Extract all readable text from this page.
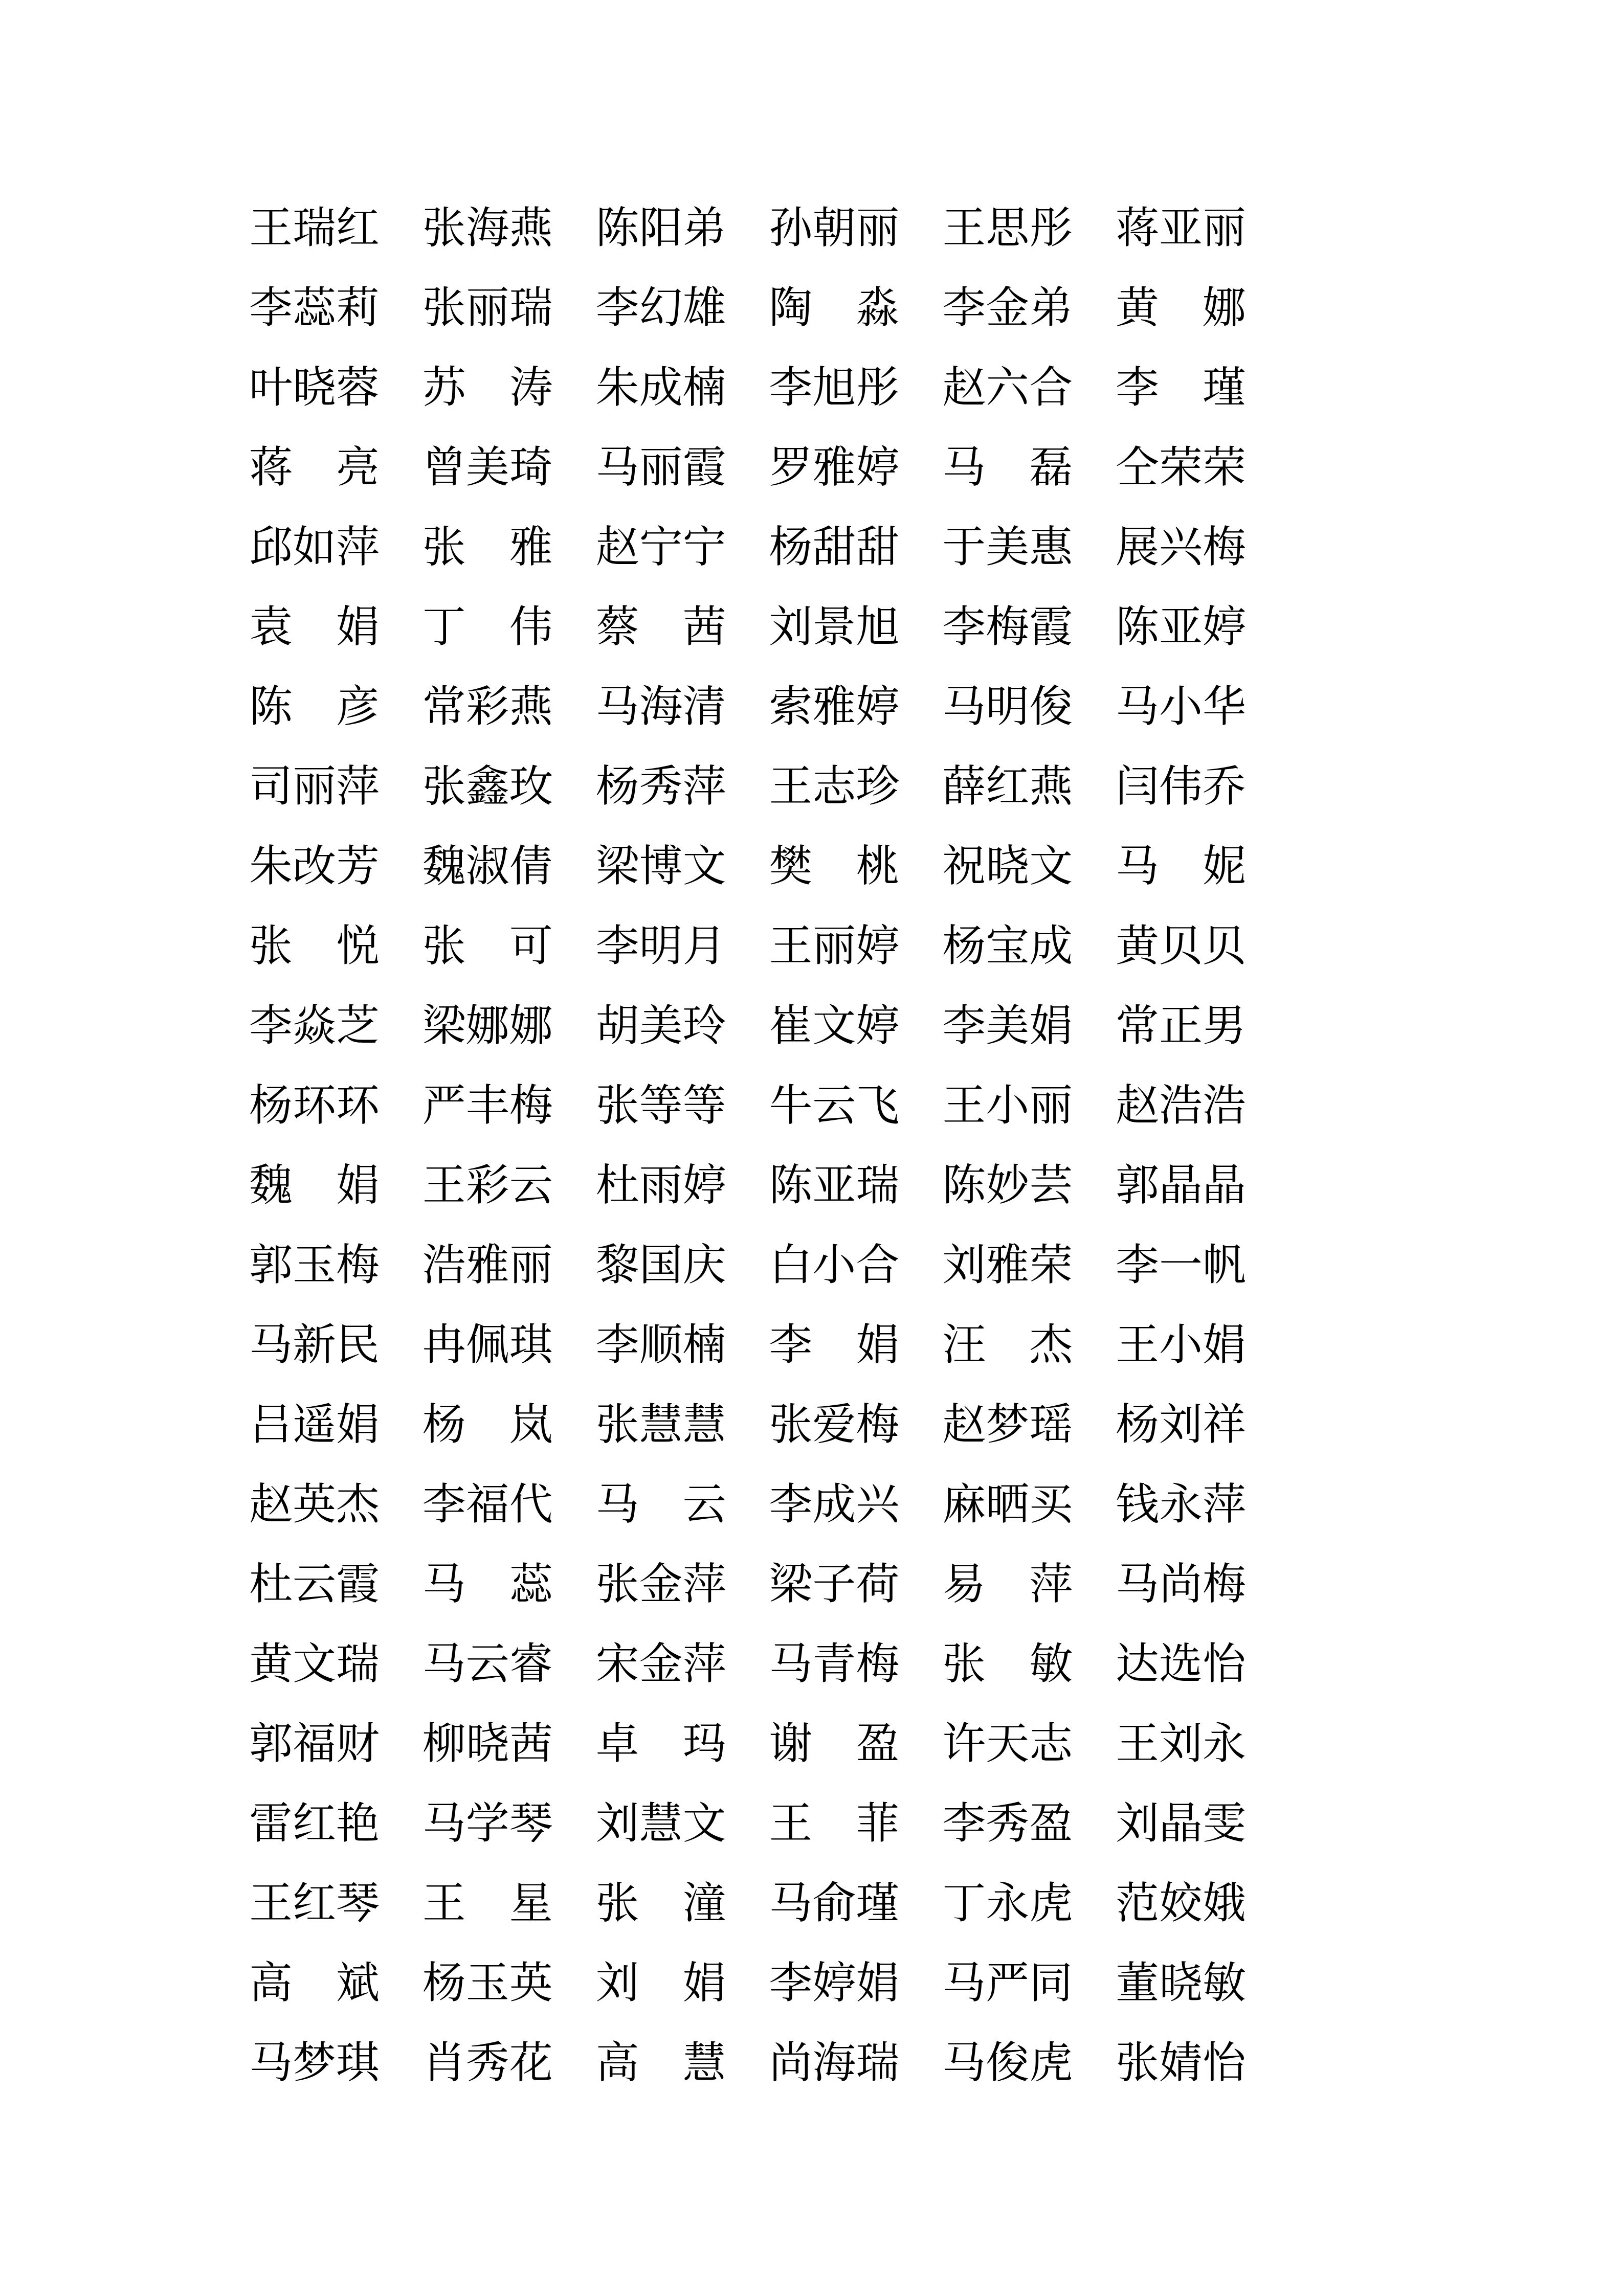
王瑞红 张海燕 陈阳弟 孙朝丽 王思彤 蒋亚丽
李蕊莉 张丽瑞 李幻雄 陶　淼 李金弟 黄　娜
叶晓蓉 苏　涛 朱成楠 李旭彤 赵六合 李　瑾
蒋　亮 曾美琦 马丽霞 罗雅婷 马　磊 仝荣荣
邱如萍 张　雅 赵宁宁 杨甜甜 于美惠 展兴梅
袁　娟 丁　伟 蔡　茜 刘景旭 李梅霞 陈亚婷
陈　彦 常彩燕 马海清 索雅婷 马明俊 马小华
司丽萍 张鑫玫 杨秀萍 王志珍 薛红燕 闫伟乔
朱改芳 魏淑倩 梁博文 樊　桃 祝晓文 马　妮
张　悦 张　可 李明月 王丽婷 杨宝成 黄贝贝
李焱芝 梁娜娜 胡美玲 崔文婷 李美娟 常正男
杨环环 严丰梅 张等等 牛云飞 王小丽 赵浩浩
魏　娟 王彩云 杜雨婷 陈亚瑞 陈妙芸 郭晶晶
郭玉梅 浩雅丽 黎国庆 白小合 刘雅荣 李一帆
马新民 冉佩琪 李顺楠 李　娟 汪　杰 王小娟
吕遥娟 杨　岚 张慧慧 张爱梅 赵梦瑶 杨刘祥
赵英杰 李福代 马　云 李成兴 麻晒买 钱永萍
杜云霞 马　蕊 张金萍 梁子荷 易　萍 马尚梅
黄文瑞 马云睿 宋金萍 马青梅 张　敏 达选怡
郭福财 柳晓茜 卓　玛 谢　盈 许天志 王刘永
雷红艳 马学琴 刘慧文 王　菲 李秀盈 刘晶雯
王红琴 王　星 张　潼 马俞瑾 丁永虎 范姣娥
高　斌 杨玉英 刘　娟 李婷娟 马严同 董晓敏
马梦琪 肖秀花 高　慧 尚海瑞 马俊虎 张婧怡
